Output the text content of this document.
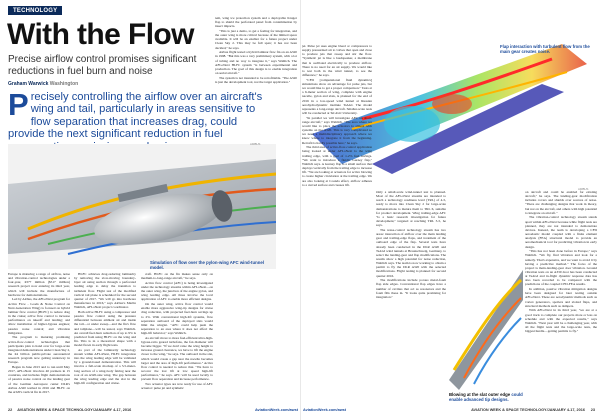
TECHNOLOGY
With the Flow
Precise airflow control promises significant reductions in fuel burn and noise
Graham Warwick Washington
Precisely controlling the airflow over an aircraft's wing and tail, particularly in areas sensitive to flow separation that increases drag, could provide the next significant reduction in fuel
Simulation of flow over the pylon-wing AFC wind-tunnel model.
AIRBUS

Europe is maturing a range of airflow, noise and vibration-control technologies under a four-year, €377 million ($517 million) research project now entering its third year, which will include the manufacture of hardware for demonstrations.

Led by Airbus, the AFLoNext program for Active Flow - Loads & Noise Control on Next-Generation Wing) is focused on hybrid laminar flow control (HLFC) to reduce drag in the cruise; active flow control to increase performance on takeoff and landing; and allow installation of higher-bypass engines; passive noise control; and vibration mitigation.

The program is maturing promising active-flow-control technologies that participants plan to hand over for large-scale integrated demonstrations under Clean Sky 2, the €4 billion public-private aeronautical research program now getting underway in Europe.

Begun in June 2013 and to run until May 2017, AFLoNext involves 40 partners in 15 countries, and includes flight demonstrations of passive noise control on the landing gear of the German Aerospace center DLR's Airbus A320 testbed in 2016 and HLFC on the A320's vertical fin in 2017.

HLFC achieves drag-reducing laminarity by removing the slow-moving boundary-layer air using suction through a perforated leading edge to delay the transition to turbulent flow. Flight test of the modified vertical tail plane is scheduled for the second quarter of 2017. "We will go into hardware manufacture in 2016," says Airbus's Martin Wahlich, AFLoNext project coordinator.

Both active HLFC using a compressor and passive flow control using the pressure differential between ambient air and inside the tail—or under sweep—and the fin's flaw and tailplane—will be tested, says Wahlich. An overall fuel-burn reduction of up to 9% is predicted from using HLFC on the wing and fin. This is in a theoretical shape with a model flown in early flight tests.

As part of the laminarity technology stream within AFLoNext, HLFC integration into the wing leading edge will be validated by a ground-based demonstration. This will involve a full-scale mockup of a 5.5-meter-long section of a wing-body fairing near the root of an A320-size wing. The gap between the wing leading edge and the slat in the high-lift configuration and cruise.

craft. HLFC on the fin makes sense only on medium-to-long-range aircraft," he says.

Active flow control (AFC) is being investigated under the technology streams within AFLoNext—on the outer wing, the junction of the engine pylon, and wing leading edge. All three involve the local application of AFC to enable more efficient designs.

On the outer wing, active flow control would enable more aggressive wing-tip designs for cruise drag reduction, with projected fuel-burn savings up to 2%. With conventional high-lift systems, flow separation outboard of the deployed slats would limit the winglet. "AFC could help push the separation to an area where it does not affect the high-lift behavior," says Wahlich.

As aircraft move to more fuel-efficient ultra-high-bypass-ratio geared turbofans, the fan diameter will become bigger. "If we don't raise the wing height to increase ground clearance, we have to lift the engine closer to the wing," he says. The outboard in the slat, which would create a gap near the nacelle becomes larger and the area of high-lift performance." Active flow control is needed to reduce that. "We have to recover the lost lift at low speed high-lift performance," he says. AFC will be used locally to prevent flow separation and increase performance.

Two actuator types are now ready for use of AFC actuator: pulse jet and synthetic

tem, wing ice protection system and a deployable Kruger flap to shield the perforated panel from contamination by insect impacts.

"This is just a demo, to get a feeling for integration, and the outer wing is more critical because of the limited space available. It will be an enabler for a future project under Clean Sky 2. This may be full span; it has not been decided," he says.

Airbus flight tested a hybrid laminar flow fin on an A320 in 1998. "But this was a very preliminary system, with a lot of tubing and no way to integrate it," says Wahlich. The AFLoNext HLFC system "is between experimental and production. The goal of this design is to enable integration on serial aircraft."

The system is not intended to be retrofittable. "The A320 is just the development tool, not the target application."

Flap interaction with turbulent flow from the main gear creates noise.
AIRBUS

jet. Pulse jet uses engine bleed or compressors to supply pressurized air to valves that open and close to produce jets that sweep and stir the flow. "Synthetic jet is like a loudspeaker, a membrane that is oscillated electrically to produce airflow. There is no need for an air supply. We would like to test both in the wind tunnel, to see the difference," he says.

"CFD [computational fluid dynamics] simulations show an advantage for pulse jets, but we would like to get a proper comparison." Tests at a 6-meter section of wing, complete with engine nacelle, pylon and slats, is planned for the end of 2016 in a low-speed wind tunnel at Russian aerohydrodynamic institute TsAGI. The model represents a long-range aircraft. Smaller-scale tests will be conducted at Tel Aviv University.

"In parallel we will investigate AFC on short-range aircraft," says Wahlich. "The area where we would like to place the actuators is almost with systems on the A320. This is very complicated so we need a multidisciplinary approach where we know where to integrate it from the beginning. Retrofit is hardly possible here," he says.

The third area of active-flow-control application being looked at under AFLoNext is the wing trailing edge, with a goal of 1-2% fuel savings. "We want to introduce a fluidic Gurney flap," Wahlich says. A Gurney flap is a small surface that deploys vertically from the trailing edge to increase lift. "We are looking at actuators for active blowing to create higher circulation at the trailing edge. We are also looking at Coanda effect, airflow adheres to a curved surface and creases lift.

Only a small-scale wind-tunnel test is planned. Most of the AFLoNext streams are intended to reach a technology readiness level (TRL) of 4-5, ready to move into Clean Sky 2 for large-scale demonstrations to mature them to TRL 6, suitable for product development. Wing trailing-edge AFC "is a basic research investigation for future development," targeted at reaching TRL 3-5, he says.

The noise-control technology stream has two areas: interaction of airflow over the main landing gear and trailing-edge flaps, and treatment of the outboard edge of the flap. Several tests have already been conducted in the DLR A320 and TsAGI wind tunnels at Braunschweig, Germany, to select the landing-gear and flap modifications. The results show a high potential for noise reduction, Wahlich says. The team is now working to obtain a permit to fly the DLR A320 with the selected modifications. Flight testing is planned for second quarter 2016.

The modifications include porous metal-foam flap side edges. Conventional flap edges have a number of cavities that act as resonators and the foam fills these in. "It looks quite promising for integration."

on aircraft and could be enabled for existing aircraft," he says. The landing-gear modification includes covers and shields over sources of noise. "There are challenging designs that work in theory, but not on the aircraft, and others with high potential to integrate on aircraft."

The vibration-control technology stream stands apart within AFLoNext because while flight tests are planned, they are not intended to demonstrate devices. Instead, the team is developing a CFD aeroelastic model coupled with a finite element analysis (FEA) structural model to provide an aeromechanical tool for predicting vibration in early design.

"This has not been done before in Europe," says Wahlich. "We fly, find vibration and look for a remedy. That's expensive, and we want to avoid it by having a predictive method." The focus of the project is main-landing-gear door vibration. Ground vibration tests on an A330 door has been conducted at TsAGI and in-flight dynamic response data has also been recorded to be compared with the predictions of the coupled CFD-FEA results.

In addition, passive vibration mitigation designs have been designed for later testing outside AFLoNext. These are aerodynamic methods such as vortex generators, spoilers and slotted flaps, and structural methods such as dampers.

With AFLoNext in its third year, "we are at a good track to complete our projects more or less on schedule and with the expected results," says Wahlich. "Next year will be a challenging year, with all the flight tests and the large-scale tests, the biggest hurdle—getting permits to fly."

Blowing at the slat outer edge could enable advanced tip designs.
22 AVIATION WEEK & SPACE TECHNOLOGY/JANUARY 4-17, 2016	AviationWeek.com/awst AviationWeek.com/awst	AVIATION WEEK & SPACE TECHNOLOGY/JANUARY 4-17, 2016 23
